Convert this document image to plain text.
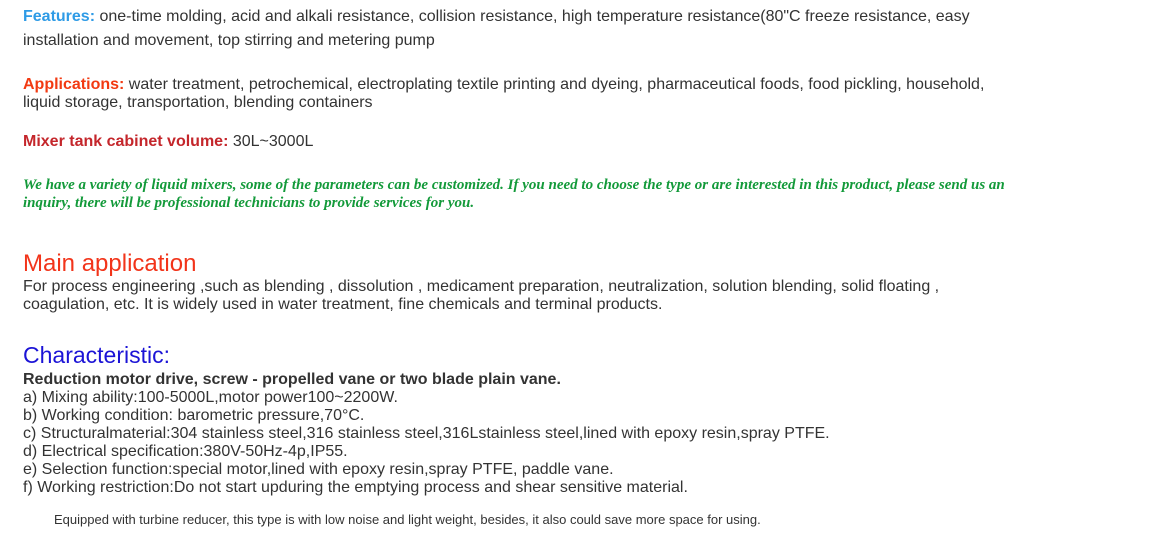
Features: one-time molding, acid and alkali resistance, collision resistance, high temperature resistance(80"C freeze resistance, easy installation and movement, top stirring and metering pump
Applications: water treatment, petrochemical, electroplating textile printing and dyeing, pharmaceutical foods, food pickling, household, liquid storage, transportation, blending containers
Mixer tank cabinet volume: 30L~3000L
We have a variety of liquid mixers, some of the parameters can be customized. If you need to choose the type or are interested in this product, please send us an inquiry, there will be professional technicians to provide services for you.
Main application
For process engineering ,such as blending , dissolution , medicament preparation, neutralization, solution blending, solid floating , coagulation, etc. It is widely used in water treatment, fine chemicals and terminal products.
Characteristic:
Reduction motor drive, screw - propelled vane or two blade plain vane.
a) Mixing ability:100-5000L,motor power100~2200W.
b) Working condition: barometric pressure,70°C.
c) Structuralmaterial:304 stainless steel,316 stainless steel,316Lstainless steel,lined with epoxy resin,spray PTFE.
d) Electrical specification:380V-50Hz-4p,IP55.
e) Selection function:special motor,lined with epoxy resin,spray PTFE, paddle vane.
f) Working restriction:Do not start upduring the emptying process and shear sensitive material.
Equipped with turbine reducer, this type is with low noise and light weight, besides, it also could save more space for using.
